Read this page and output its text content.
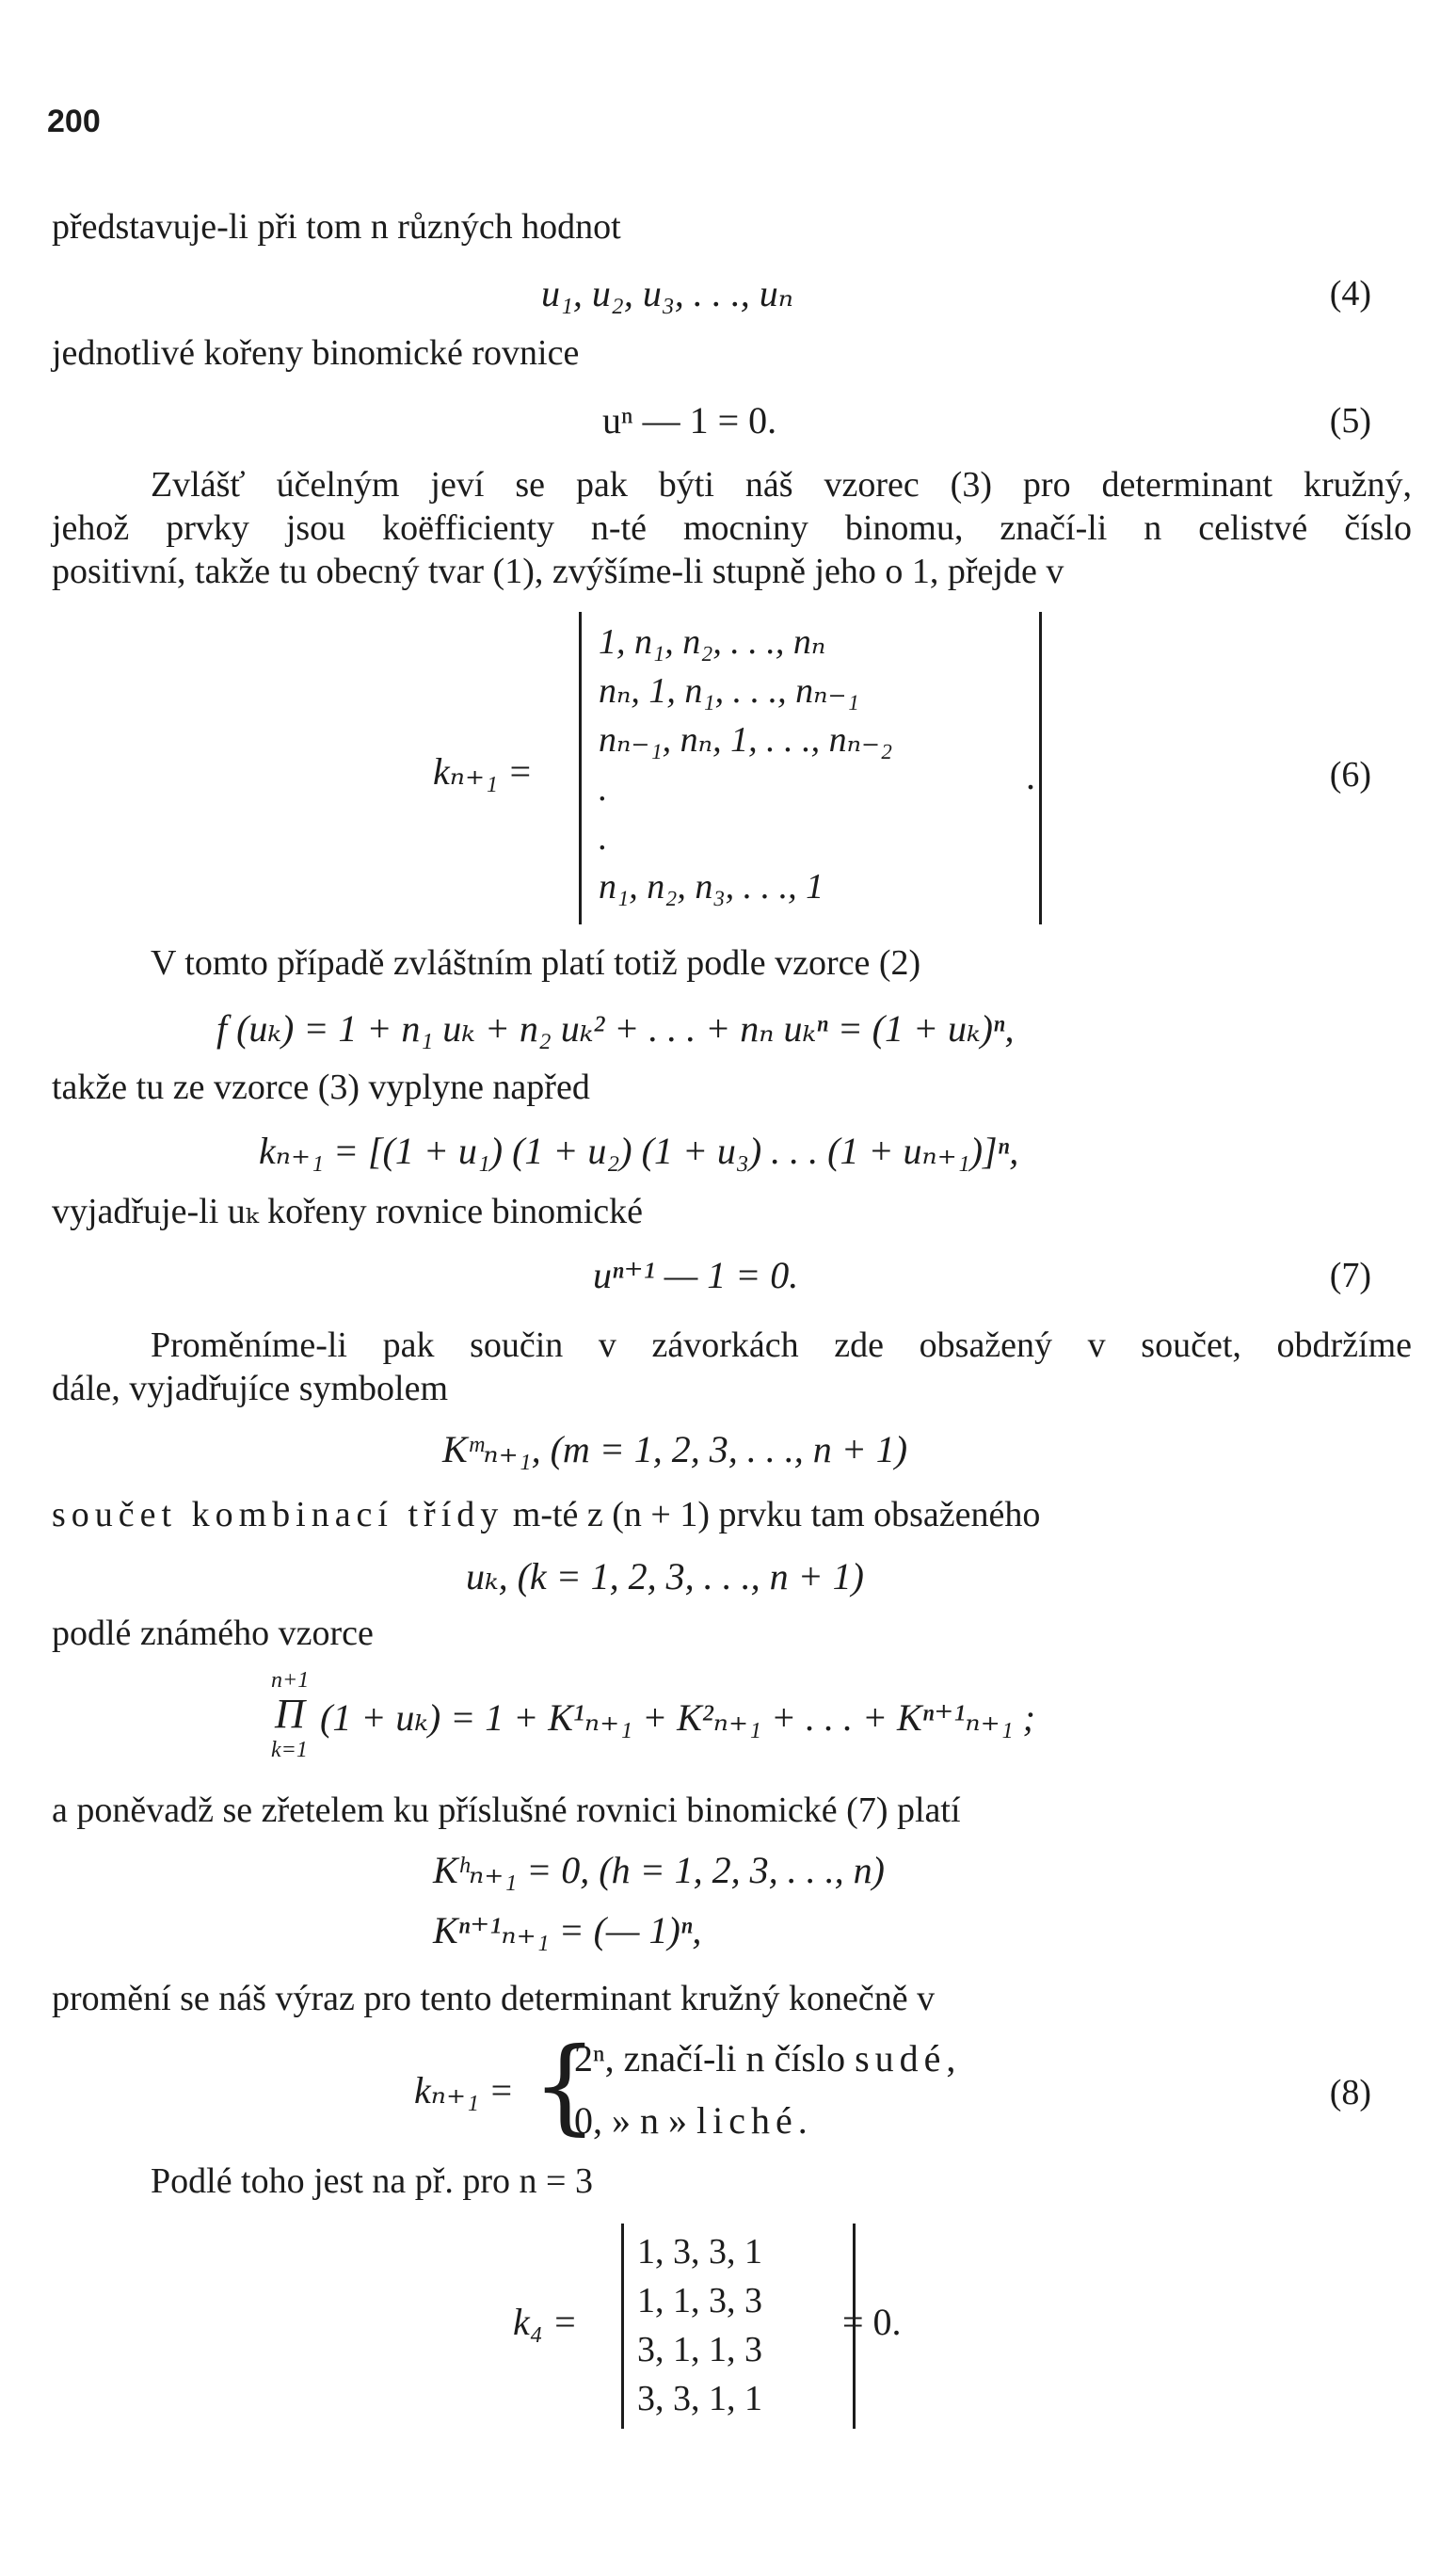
200
představuje-li při tom n různých hodnot
u₁, u₂, u₃, . . ., uₙ	(4)
jednotlivé kořeny binomické rovnice
uⁿ — 1 = 0.	(5)
Zvlášť účelným jeví se pak býti náš vzorec (3) pro determinant kružný,
jehož prvky jsou koëfficienty n-té mocniny binomu, značí-li n celistvé číslo
positivní, takže tu obecný tvar (1), zvýšíme-li stupně jeho o 1, přejde v
kₙ₊₁ =
1, n₁, n₂, . . ., nₙ
nₙ, 1, n₁, . . ., nₙ₋₁
nₙ₋₁, nₙ, 1, . . ., nₙ₋₂
.
.
n₁, n₂, n₃, . . ., 1
.	(6)
V tomto případě zvláštním platí totiž podle vzorce (2)
f (uₖ) = 1 + n₁ uₖ + n₂ uₖ² + . . . + nₙ uₖⁿ = (1 + uₖ)ⁿ,
takže tu ze vzorce (3) vyplyne napřed
kₙ₊₁ = [(1 + u₁) (1 + u₂) (1 + u₃) . . . (1 + uₙ₊₁)]ⁿ,
vyjadřuje-li uₖ kořeny rovnice binomické
uⁿ⁺¹ — 1 = 0.	(7)
Proměníme-li pak součin v závorkách zde obsažený v součet, obdržíme
dále, vyjadřujíce symbolem
Kᵐₙ₊₁, (m = 1, 2, 3, . . ., n + 1)
součet kombinací třídy m-té z (n + 1) prvku tam obsaženého
uₖ, (k = 1, 2, 3, . . ., n + 1)
podlé známého vzorce
n+1
Π
k=1
(1 + uₖ) = 1 + K¹ₙ₊₁ + K²ₙ₊₁ + . . . + Kⁿ⁺¹ₙ₊₁ ;
a poněvadž se zřetelem ku příslušné rovnici binomické (7) platí
Kʰₙ₊₁ = 0, (h = 1, 2, 3, . . ., n)
Kⁿ⁺¹ₙ₊₁ = (— 1)ⁿ,
promění se náš výraz pro tento determinant kružný konečně v
kₙ₊₁ = {
2ⁿ, značí-li n číslo sudé,
0, » n » liché.
(8)
Podlé toho jest na př. pro n = 3
k₄ =
1, 3, 3, 1
1, 1, 3, 3
3, 1, 1, 3
3, 3, 1, 1
= 0.
